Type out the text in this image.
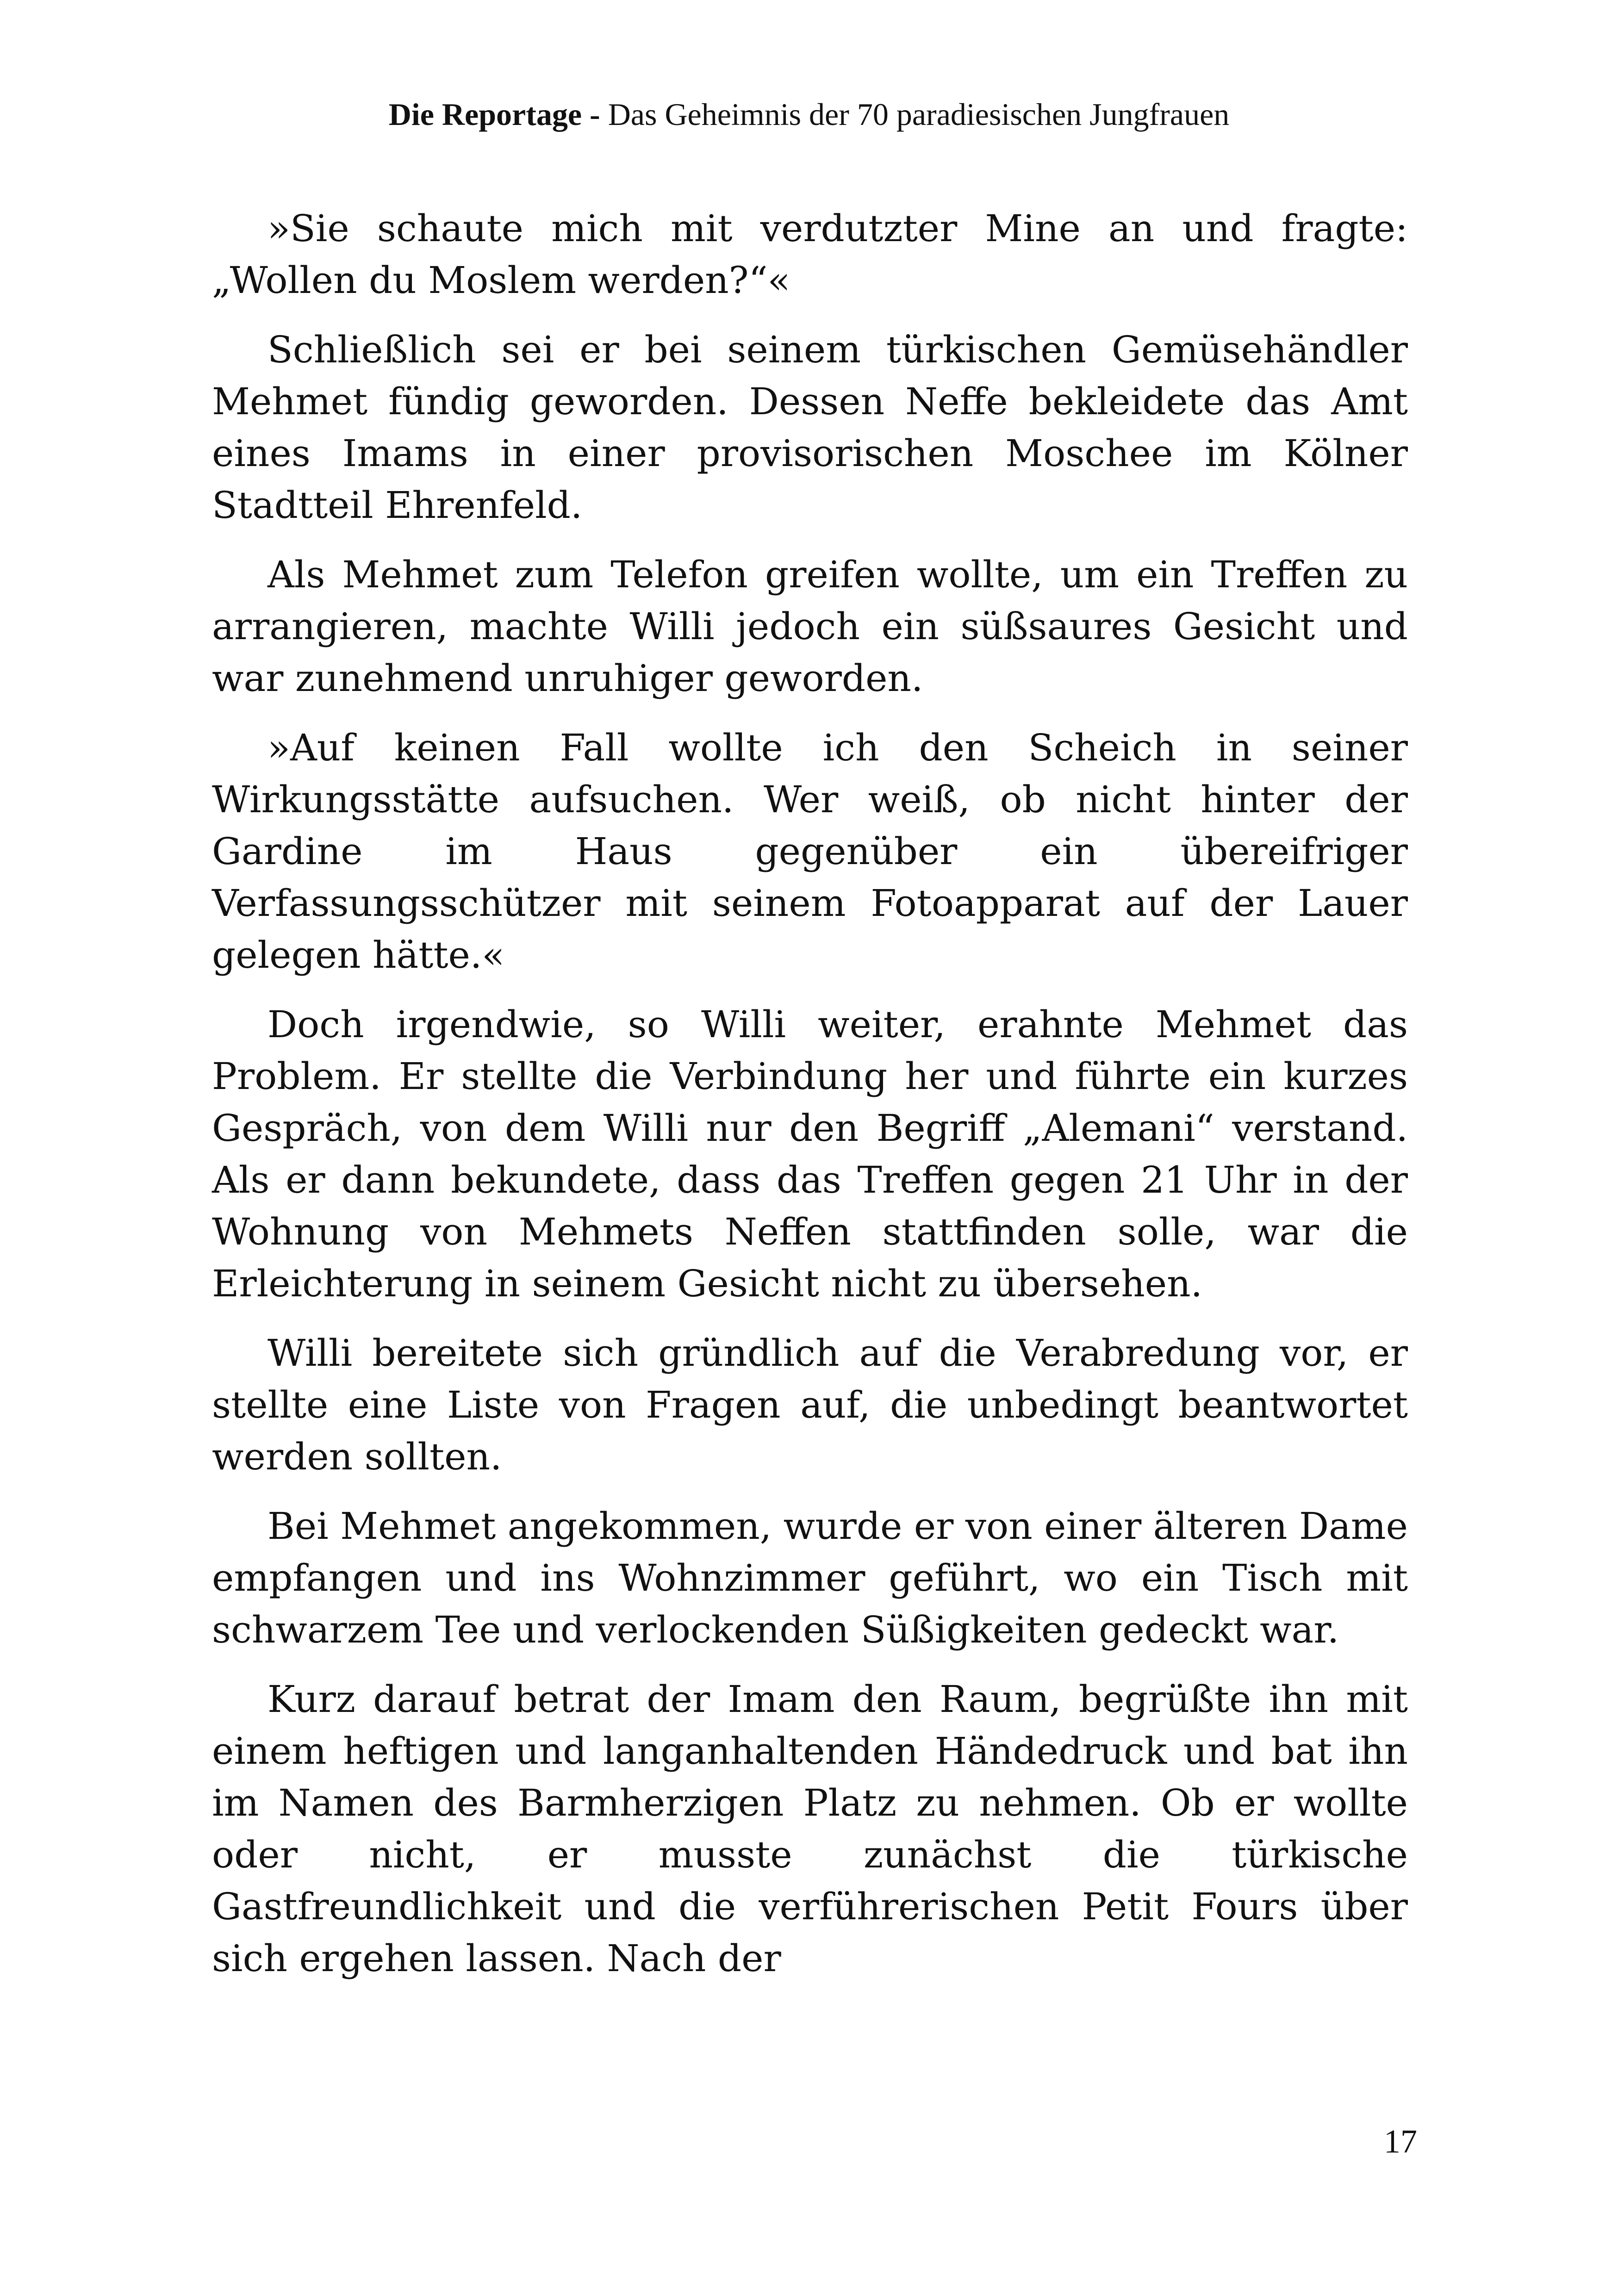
Die Reportage - Das Geheimnis der 70 paradiesischen Jungfrauen

»Sie schaute mich mit verdutzter Mine an und fragte: „Wollen du Moslem werden?“«

Schließlich sei er bei seinem türkischen Gemüsehändler Mehmet fündig geworden. Dessen Neffe bekleidete das Amt eines Imams in einer provisorischen Moschee im Kölner Stadtteil Ehrenfeld.

Als Mehmet zum Telefon greifen wollte, um ein Treffen zu arrangieren, machte Willi jedoch ein süßsaures Gesicht und war zunehmend unruhiger geworden.

»Auf keinen Fall wollte ich den Scheich in seiner Wirkungsstätte aufsuchen. Wer weiß, ob nicht hinter der Gardine im Haus gegenüber ein übereifriger Verfassungsschützer mit seinem Fotoapparat auf der Lauer gelegen hätte.«

Doch irgendwie, so Willi weiter, erahnte Mehmet das Problem. Er stellte die Verbindung her und führte ein kurzes Gespräch, von dem Willi nur den Begriff „Alemani“ verstand. Als er dann bekundete, dass das Treffen gegen 21 Uhr in der Wohnung von Mehmets Neffen stattfinden solle, war die Erleichterung in seinem Gesicht nicht zu übersehen.

Willi bereitete sich gründlich auf die Verabredung vor, er stellte eine Liste von Fragen auf, die unbedingt beantwortet werden sollten.

Bei Mehmet angekommen, wurde er von einer älteren Dame empfangen und ins Wohnzimmer geführt, wo ein Tisch mit schwarzem Tee und verlockenden Süßigkeiten gedeckt war.

Kurz darauf betrat der Imam den Raum, begrüßte ihn mit einem heftigen und langanhaltenden Händedruck und bat ihn im Namen des Barmherzigen Platz zu nehmen. Ob er wollte oder nicht, er musste zunächst die türkische Gastfreundlichkeit und die verführerischen Petit Fours über sich ergehen lassen. Nach der

17
